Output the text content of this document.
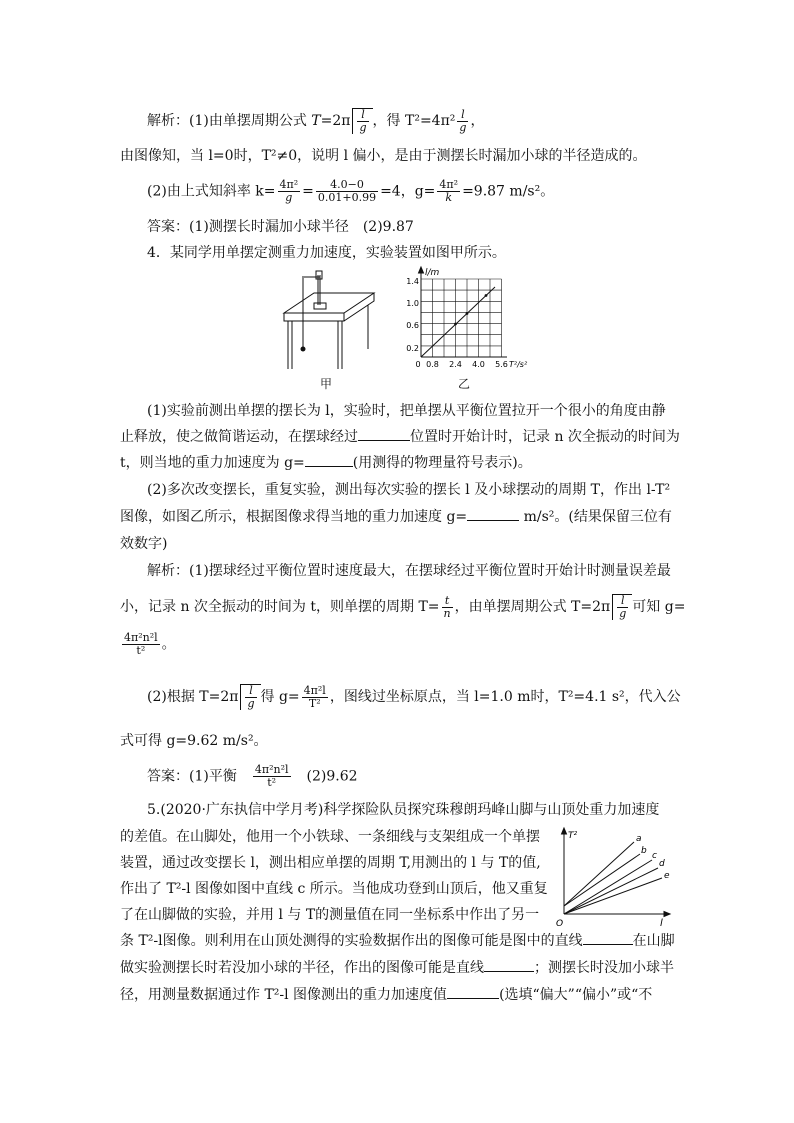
解析：(1)由单摆周期公式 $T=2\pi \frac{l}{g}$ ，得 $T^2=4\pi^2 \frac{l}{g}$ ，
由图像知，当 l=0时，T²≠0，说明 l 偏小，是由于测摆长时漏加小球的半径造成的。
(2)由上式知斜率 $k= \frac{\text{4π²}}{g} = \frac{4.0-0}{0.01+0.99} =4$，$g= \frac{\text{4π²}}{k} =9.87$ m/s²。
答案：(1)测摆长时漏加小球半径　(2)9.87
4．某同学用单摆定测重力加速度，实验装置如图甲所示。
甲
l/m
0.2
0.6
1.0
1.4
0 0.8 2.4 4.0 5.6 T²/s²
乙
(1)实验前测出单摆的摆长为 l，实验时，把单摆从平衡位置拉开一个很小的角度由静
止释放，使之做简谐运动，在摆球经过	位置时开始计时，记录 n 次全振动的时间为
t，则当地的重力加速度为 g=	(用测得的物理量符号表示)。
(2)多次改变摆长，重复实验，测出每次实验的摆长 l 及小球摆动的周期 T，作出 l-T²
图像，如图乙所示，根据图像求得当地的重力加速度 g=	m/s²。(结果保留三位有
效数字)
解析：(1)摆球经过平衡位置时速度最大，在摆球经过平衡位置时开始计时测量误差最
小，记录 n 次全振动的时间为 t，则单摆的周期 $T= \frac{t}{n}$ ，由单摆周期公式 $T=2\pi \frac{l}{g}$ 可知 g=
$\frac{\text{4π²n²l}}{\text{t²}}$ 。
(2)根据 $T=2\pi \frac{l}{g}$ 得 $g= \frac{\text{4π²l}}{\text{T²}}$ ，图线过坐标原点，当 l=1.0 m时，T²=4.1 s²，代入公
式可得 g=9.62 m/s²。
答案：(1)平衡　 $\frac{\text{4π²n²l}}{\text{t²}}$
　 (2)9.62
5.(2020·广东执信中学月考)科学探险队员探究珠穆朗玛峰山脚与山顶处重力加速度
的差值。在山脚处，他用一个小铁球、一条细线与支架组成一个单摆
装置，通过改变摆长 l，测出相应单摆的周期 T,用测出的 l 与 T的值,
作出了 T²-l 图像如图中直线 c 所示。当他成功登到山顶后，他又重复
了在山脚做的实验，并用 l 与 T的测量值在同一坐标系中作出了另一
T²
O	l
a
b c
d
e
条 T²-l图像。则利用在山顶处测得的实验数据作出的图像可能是图中的直线	在山脚
做实验测摆长时若没加小球的半径，作出的图像可能是直线	；测摆长时没加小球半
径，用测量数据通过作 T²-l 图像测出的重力加速度值	(选填“偏大”“偏小”或“不
